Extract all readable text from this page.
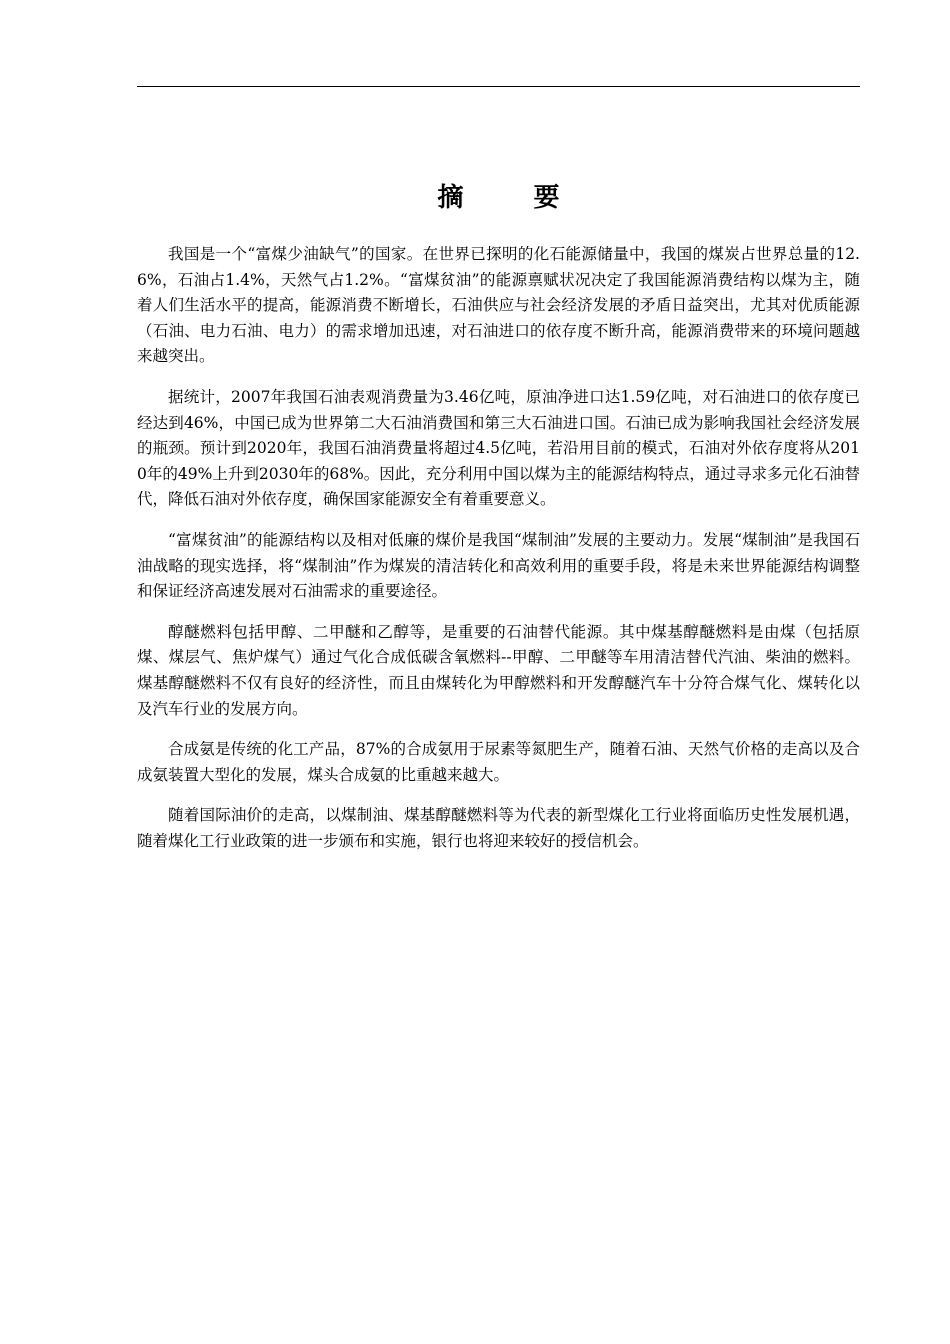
摘　要

我国是一个“富煤少油缺气”的国家。在世界已探明的化石能源储量中，我国的煤炭占世界总量的12.6%，石油占1.4%，天然气占1.2%。“富煤贫油”的能源禀赋状况决定了我国能源消费结构以煤为主，随着人们生活水平的提高，能源消费不断增长，石油供应与社会经济发展的矛盾日益突出，尤其对优质能源（石油、电力石油、电力）的需求增加迅速，对石油进口的依存度不断升高，能源消费带来的环境问题越来越突出。

据统计，2007年我国石油表观消费量为3.46亿吨，原油净进口达1.59亿吨，对石油进口的依存度已经达到46%，中国已成为世界第二大石油消费国和第三大石油进口国。石油已成为影响我国社会经济发展的瓶颈。预计到2020年，我国石油消费量将超过4.5亿吨，若沿用目前的模式，石油对外依存度将从2010年的49%上升到2030年的68%。因此，充分利用中国以煤为主的能源结构特点，通过寻求多元化石油替代，降低石油对外依存度，确保国家能源安全有着重要意义。

“富煤贫油”的能源结构以及相对低廉的煤价是我国“煤制油”发展的主要动力。发展“煤制油”是我国石油战略的现实选择，将“煤制油”作为煤炭的清洁转化和高效利用的重要手段，将是未来世界能源结构调整和保证经济高速发展对石油需求的重要途径。

醇醚燃料包括甲醇、二甲醚和乙醇等，是重要的石油替代能源。其中煤基醇醚燃料是由煤（包括原煤、煤层气、焦炉煤气）通过气化合成低碳含氧燃料--甲醇、二甲醚等车用清洁替代汽油、柴油的燃料。煤基醇醚燃料不仅有良好的经济性，而且由煤转化为甲醇燃料和开发醇醚汽车十分符合煤气化、煤转化以及汽车行业的发展方向。

合成氨是传统的化工产品，87%的合成氨用于尿素等氮肥生产，随着石油、天然气价格的走高以及合成氨装置大型化的发展，煤头合成氨的比重越来越大。

随着国际油价的走高，以煤制油、煤基醇醚燃料等为代表的新型煤化工行业将面临历史性发展机遇，随着煤化工行业政策的进一步颁布和实施，银行也将迎来较好的授信机会。
